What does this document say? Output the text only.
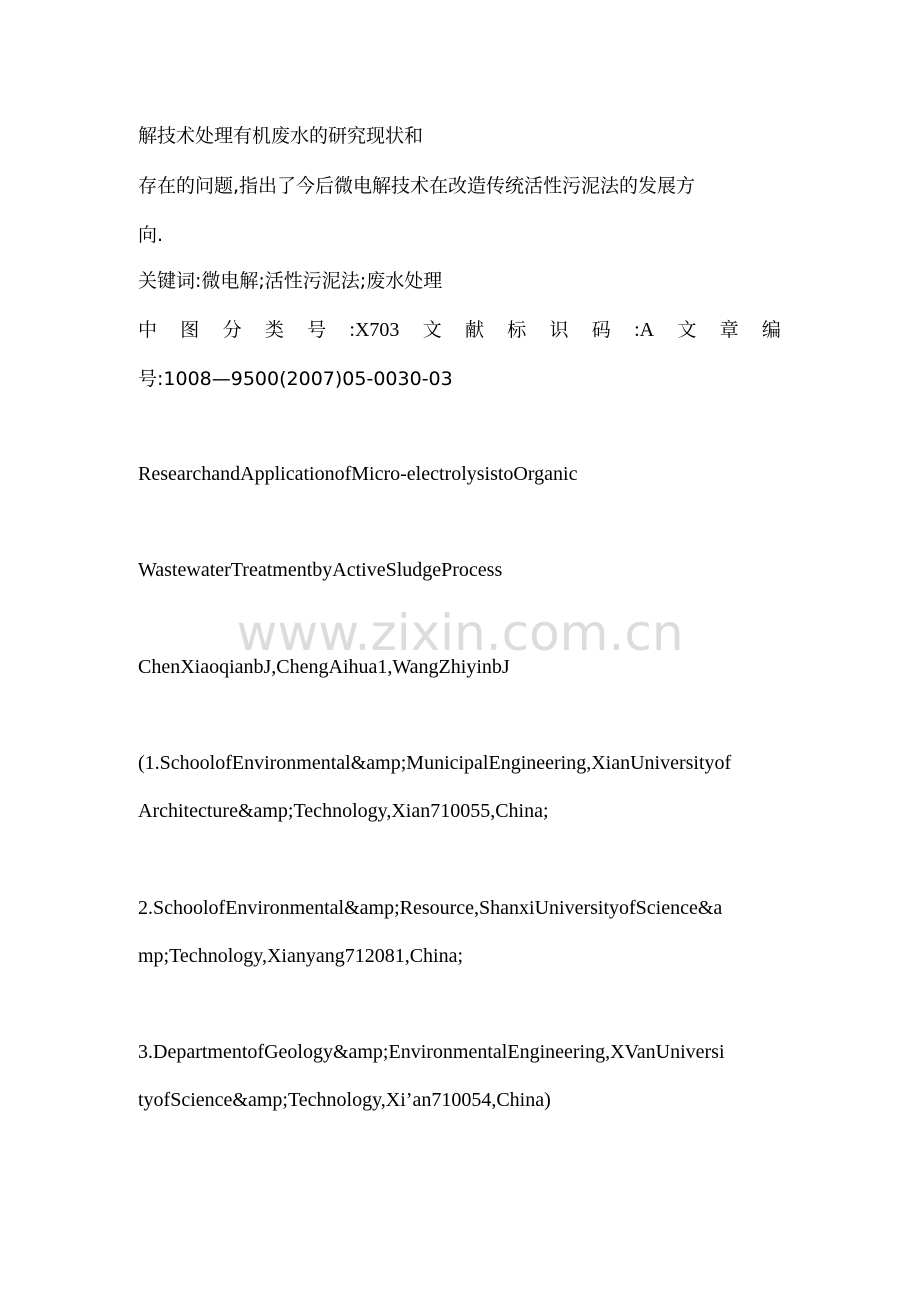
解技术处理有机废水的研究现状和
存在的问题,指出了今后微电解技术在改造传统活性污泥法的发展方
向.
关键词:微电解;活性污泥法;废水处理
中 图 分 类 号 :X703 文 献 标 识 码 :A 文 章 编
号:1008—9500(2007)05-0030-03
ResearchandApplicationofMicro-electrolysistoOrganic
WastewaterTreatmentbyActiveSludgeProcess
www.zixin.com.cn
ChenXiaoqianbJ,ChengAihua1,WangZhiyinbJ
(1.SchoolofEnvironmental&amp;MunicipalEngineering,XianUniversityof
Architecture&amp;Technology,Xian710055,China;
2.SchoolofEnvironmental&amp;Resource,ShanxiUniversityofScience&a
mp;Technology,Xianyang712081,China;
3.DepartmentofGeology&amp;EnvironmentalEngineering,XVanUniversi
tyofScience&amp;Technology,Xi’an710054,China)
